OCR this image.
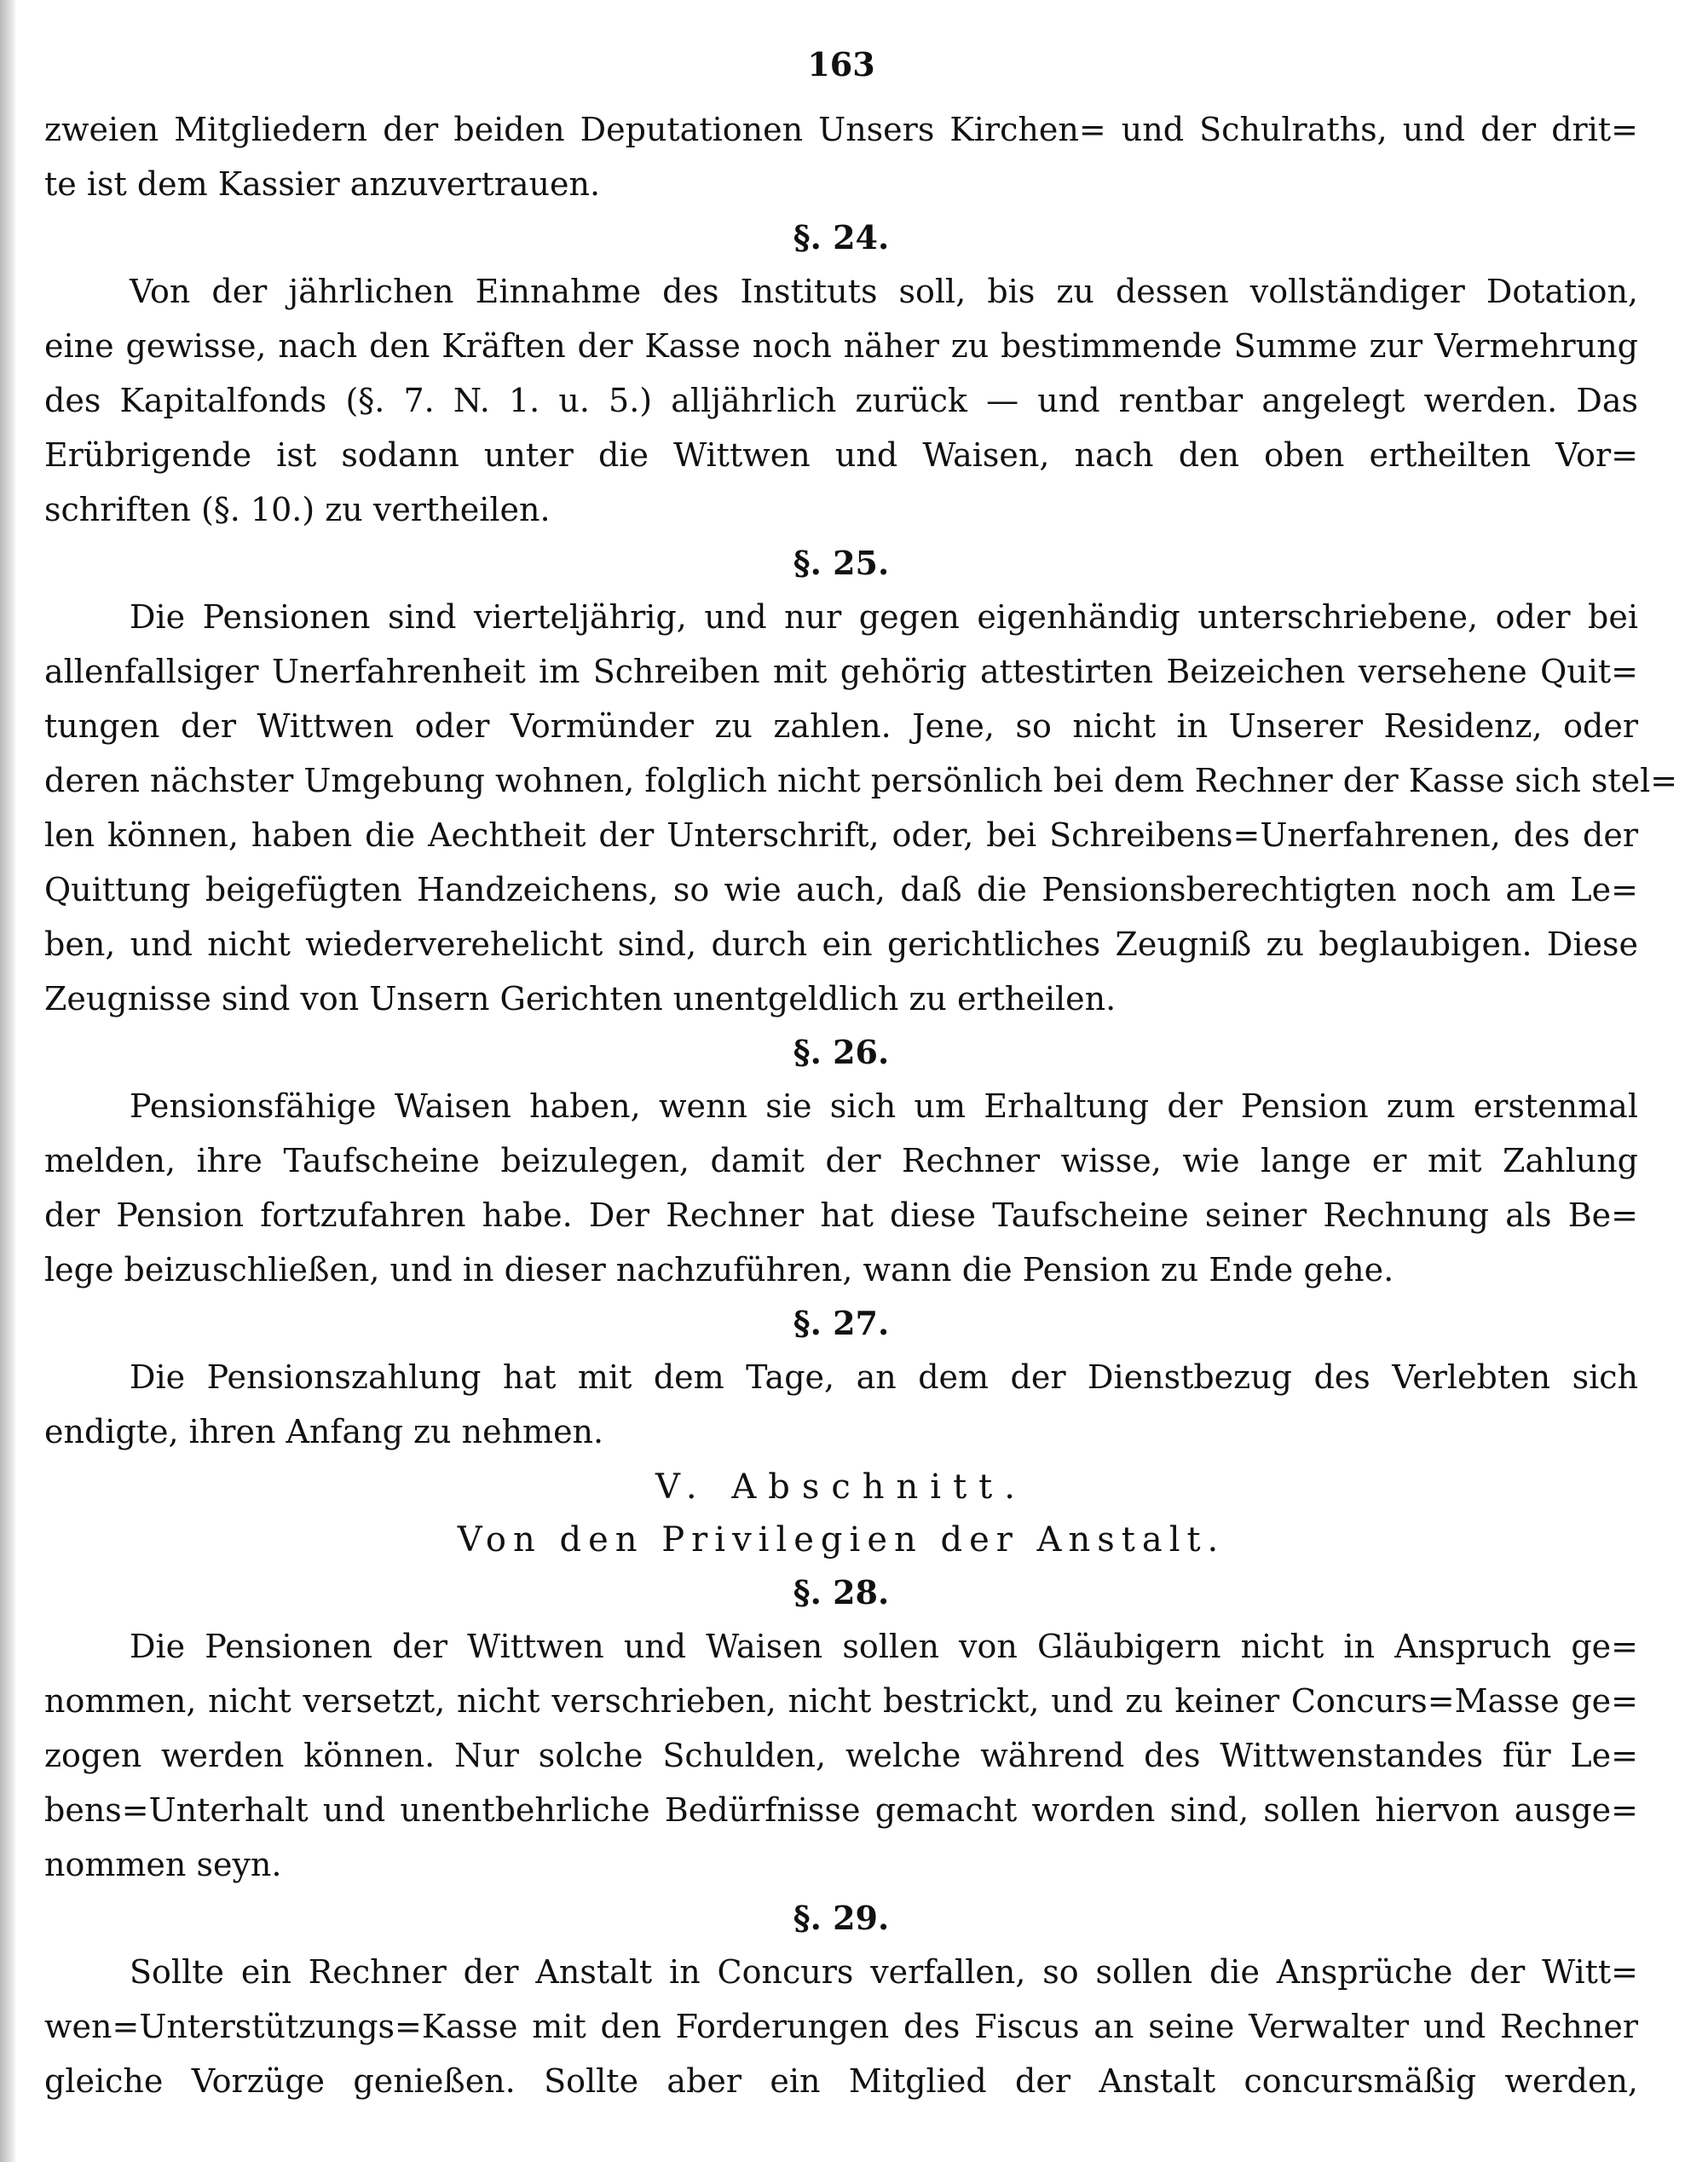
163
zweien Mitgliedern der beiden Deputationen Unsers Kirchen= und Schulraths, und der drit=
te ist dem Kassier anzuvertrauen.
§. 24.
Von der jährlichen Einnahme des Instituts soll, bis zu dessen vollständiger Dotation,
eine gewisse, nach den Kräften der Kasse noch näher zu bestimmende Summe zur Vermehrung
des Kapitalfonds (§. 7. N. 1. u. 5.) alljährlich zurück — und rentbar angelegt werden. Das
Erübrigende ist sodann unter die Wittwen und Waisen, nach den oben ertheilten Vor=
schriften (§. 10.) zu vertheilen.
§. 25.
Die Pensionen sind vierteljährig, und nur gegen eigenhändig unterschriebene, oder bei
allenfallsiger Unerfahrenheit im Schreiben mit gehörig attestirten Beizeichen versehene Quit=
tungen der Wittwen oder Vormünder zu zahlen. Jene, so nicht in Unserer Residenz, oder
deren nächster Umgebung wohnen, folglich nicht persönlich bei dem Rechner der Kasse sich stel=
len können, haben die Aechtheit der Unterschrift, oder, bei Schreibens=Unerfahrenen, des der
Quittung beigefügten Handzeichens, so wie auch, daß die Pensionsberechtigten noch am Le=
ben, und nicht wiederverehelicht sind, durch ein gerichtliches Zeugniß zu beglaubigen. Diese
Zeugnisse sind von Unsern Gerichten unentgeldlich zu ertheilen.
§. 26.
Pensionsfähige Waisen haben, wenn sie sich um Erhaltung der Pension zum erstenmal
melden, ihre Taufscheine beizulegen, damit der Rechner wisse, wie lange er mit Zahlung
der Pension fortzufahren habe. Der Rechner hat diese Taufscheine seiner Rechnung als Be=
lege beizuschließen, und in dieser nachzuführen, wann die Pension zu Ende gehe.
§. 27.
Die Pensionszahlung hat mit dem Tage, an dem der Dienstbezug des Verlebten sich
endigte, ihren Anfang zu nehmen.
V. Abschnitt.
Von den Privilegien der Anstalt.
§. 28.
Die Pensionen der Wittwen und Waisen sollen von Gläubigern nicht in Anspruch ge=
nommen, nicht versetzt, nicht verschrieben, nicht bestrickt, und zu keiner Concurs=Masse ge=
zogen werden können. Nur solche Schulden, welche während des Wittwenstandes für Le=
bens=Unterhalt und unentbehrliche Bedürfnisse gemacht worden sind, sollen hiervon ausge=
nommen seyn.
§. 29.
Sollte ein Rechner der Anstalt in Concurs verfallen, so sollen die Ansprüche der Witt=
wen=Unterstützungs=Kasse mit den Forderungen des Fiscus an seine Verwalter und Rechner
gleiche Vorzüge genießen. Sollte aber ein Mitglied der Anstalt concursmäßig werden,
